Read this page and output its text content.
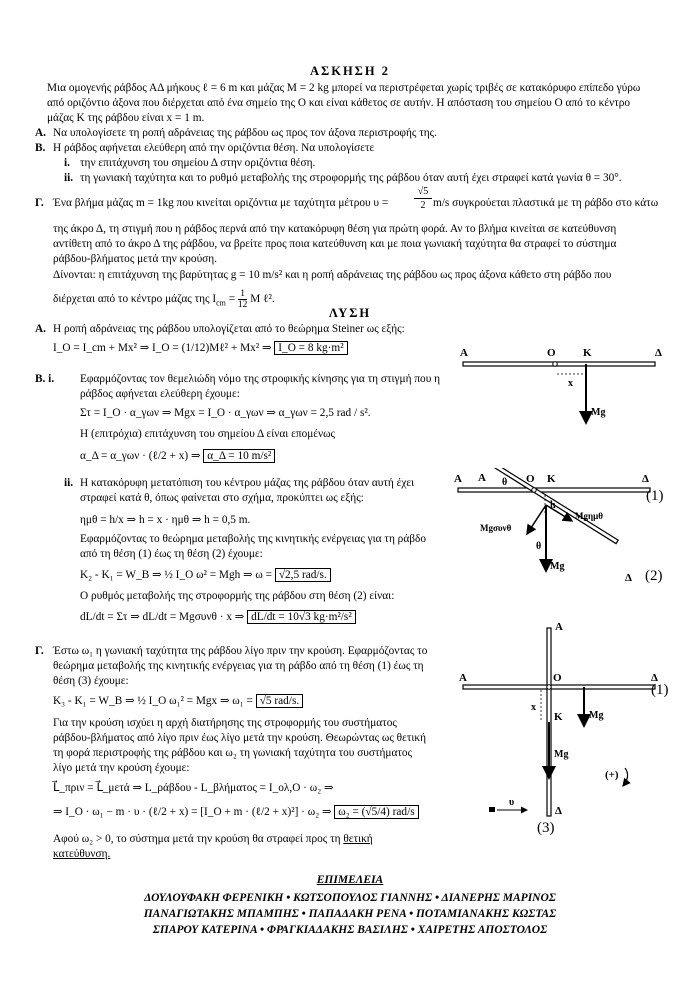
ΑΣΚΗΣΗ 2
Μια ομογενής ράβδος ΑΔ μήκους ℓ = 6 m και μάζας M = 2 kg μπορεί να περιστρέφεται χωρίς τριβές σε κατακόρυφο επίπεδο γύρω
από οριζόντιο άξονα που διέρχεται από ένα σημείο της Ο και είναι κάθετος σε αυτήν. Η απόσταση του σημείου Ο από το κέντρο
μάζας Κ της ράβδου είναι x = 1 m.
Α. Να υπολογίσετε τη ροπή αδράνειας της ράβδου ως προς τον άξονα περιστροφής της.
Β. Η ράβδος αφήνεται ελεύθερη από την οριζόντια θέση. Να υπολογίσετε
i. την επιτάχυνση του σημείου Δ στην οριζόντια θέση.
ii. τη γωνιακή ταχύτητα και το ρυθμό μεταβολής της στροφορμής της ράβδου όταν αυτή έχει στραφεί κατά γωνία θ = 30°.
Γ. Ένα βλήμα μάζας m = 1kg που κινείται οριζόντια με ταχύτητα μέτρου υ =
√5
2 m/s συγκρούεται πλαστικά με τη ράβδο στο κάτω
της άκρο Δ, τη στιγμή που η ράβδος περνά από την κατακόρυφη θέση για πρώτη φορά. Αν το βλήμα κινείται σε κατεύθυνση
αντίθετη από το άκρο Δ της ράβδου, να βρείτε προς ποια κατεύθυνση και με ποια γωνιακή ταχύτητα θα στραφεί το σύστημα
ράβδου-βλήματος μετά την κρούση.
Δίνονται: η επιτάχυνση της βαρύτητας g = 10 m/s² και η ροπή αδράνειας της ράβδου ως προς άξονα κάθετο στη ράβδο που
διέρχεται από το κέντρο μάζας της $I_{cm} = \frac{1}{12}$ M ℓ².
ΛΥΣΗ
Α. Η ροπή αδράνειας της ράβδου υπολογίζεται από το θεώρημα Steiner ως εξής:
I_O = I_cm + Mx² ⇒ I_O = (1/12)Mℓ² + Mx² ⇒ I_O = 8 kg·m²
Β. i. Εφαρμόζοντας τον θεμελιώδη νόμο της στροφικής κίνησης για τη στιγμή που η
ράβδος αφήνεται ελεύθερη έχουμε:
Στ = I_O · α_γων ⇒ Mgx = I_O · α_γων ⇒ α_γων = 2,5 rad / s².
Η (επιτρόχια) επιτάχυνση του σημείου Δ είναι επομένως
α_Δ = α_γων · (ℓ/2 + x) ⇒ α_Δ = 10 m/s²
ii. Η κατακόρυφη μετατόπιση του κέντρου μάζας της ράβδου όταν αυτή έχει
στραφεί κατά θ, όπως φαίνεται στο σχήμα, προκύπτει ως εξής:
ημθ = h/x ⇒ h = x · ημθ ⇒ h = 0,5 m.
Εφαρμόζοντας το θεώρημα μεταβολής της κινητικής ενέργειας για τη ράβδο
από τη θέση (1) έως τη θέση (2) έχουμε:
K₂ - K₁ = W_B ⇒ ½ I_O ω² = Mgh ⇒ ω = √2,5 rad/s.
Ο ρυθμός μεταβολής της στροφορμής της ράβδου στη θέση (2) είναι:
dL/dt = Στ ⇒ dL/dt = Mgσυνθ · x ⇒ dL/dt = 10√3 kg·m²/s²
Γ. Έστω ω₁ η γωνιακή ταχύτητα της ράβδου λίγο πριν την κρούση. Εφαρμόζοντας το
θεώρημα μεταβολής της κινητικής ενέργειας για τη ράβδο από τη θέση (1) έως τη
θέση (3) έχουμε:
K₃ - K₁ = W_B ⇒ ½ I_O ω₁² = Mgx ⇒ ω₁ = √5 rad/s.
Για την κρούση ισχύει η αρχή διατήρησης της στροφορμής του συστήματος
ράβδου-βλήματος από λίγο πριν έως λίγο μετά την κρούση. Θεωρώντας ως θετική
τη φορά περιστροφής της ράβδου και ω₂ τη γωνιακή ταχύτητα του συστήματος
λίγο μετά την κρούση έχουμε:
L⃗_πριν = L⃗_μετά ⇒ L_ράβδου - L_βλήματος = I_ολ,Ο · ω₂ ⇒
⇒ I_O · ω₁ − m · υ · (ℓ/2 + x) = [I_O + m · (ℓ/2 + x)²] · ω₂ ⇒ ω₂ = (√5/4) rad/s
Αφού ω₂ > 0, το σύστημα μετά την κρούση θα στραφεί προς τη θετική
κατεύθυνση.
ΕΠΙΜΕΛΕΙΑ
ΔΟΥΛΟΥΦΑΚΗ ΦΕΡΕΝΙΚΗ • ΚΩΤΣΟΠΟΥΛΟΣ ΓΙΑΝΝΗΣ • ΔΙΑΝΕΡΗΣ ΜΑΡΙΝΟΣ
ΠΑΝΑΓΙΩΤΑΚΗΣ ΜΠΑΜΠΗΣ • ΠΑΠΑΔΑΚΗ ΡΕΝΑ • ΠΟΤΑΜΙΑΝΑΚΗΣ ΚΩΣΤΑΣ
ΣΠΑΡΟΥ ΚΑΤΕΡΙΝΑ • ΦΡΑΓΚΙΑΔΑΚΗΣ ΒΑΣΙΛΗΣ • ΧΑΙΡΕΤΗΣ ΑΠΟΣΤΟΛΟΣ
Α	Ο Κ	Δ
x
Mg
Α
Α	θ Ο Κ	Δ
h
Mgσυνθ
Mgημθ
θ
Mg
Δ
(1)
(2)
Α
Α	Ο	Δ
x
Κ	Mg
Mg
(1)
(+)
υ
Δ
(3)
